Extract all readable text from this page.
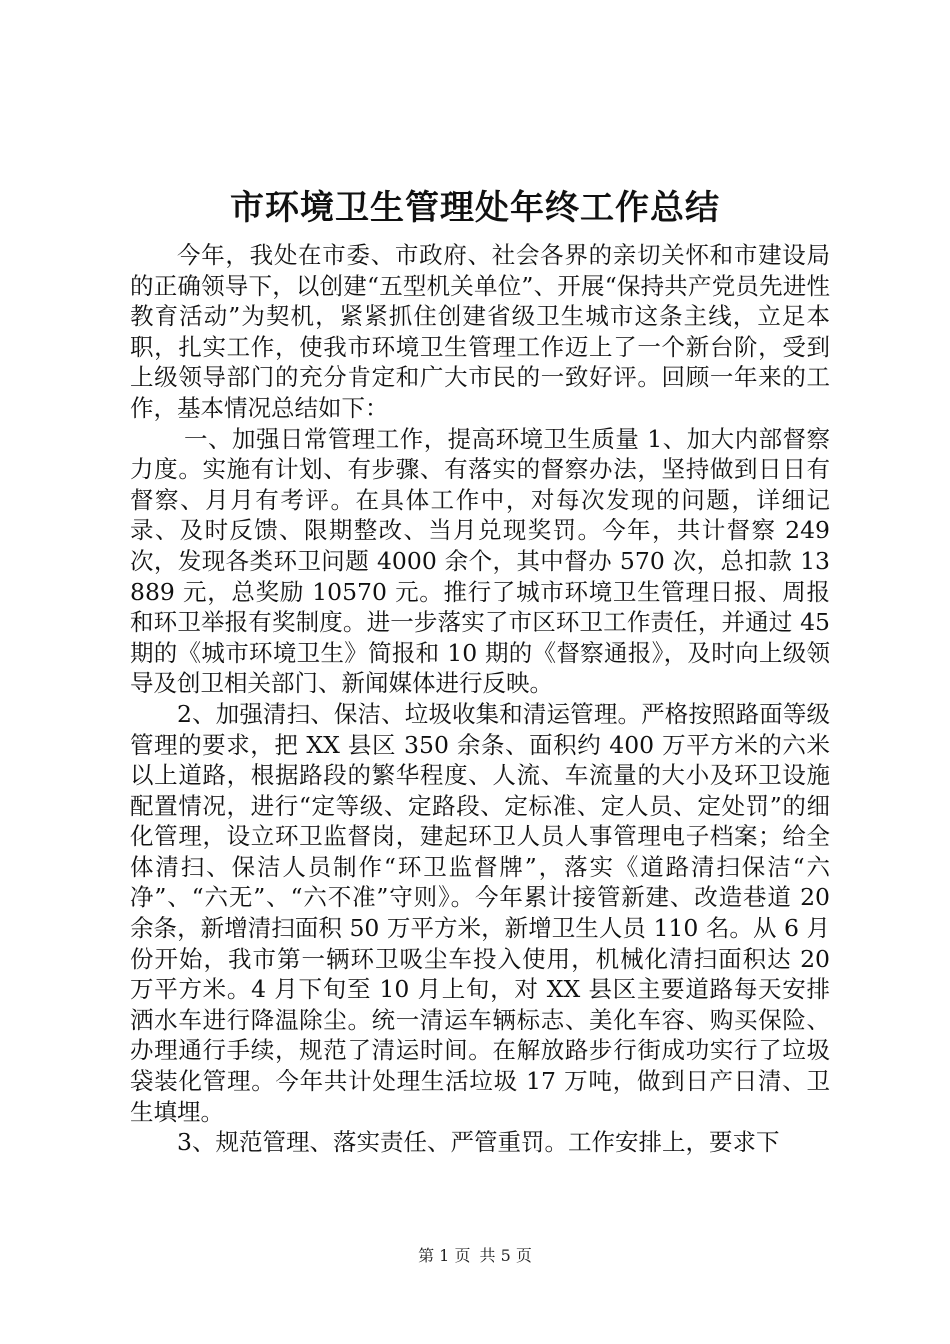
市环境卫生管理处年终工作总结

今年，我处在市委、市政府、社会各界的亲切关怀和市建设局的正确领导下，以创建“五型机关单位”、开展“保持共产党员先进性教育活动”为契机，紧紧抓住创建省级卫生城市这条主线，立足本职，扎实工作，使我市环境卫生管理工作迈上了一个新台阶，受到上级领导部门的充分肯定和广大市民的一致好评。回顾一年来的工作，基本情况总结如下：

一、加强日常管理工作，提高环境卫生质量 1、加大内部督察力度。实施有计划、有步骤、有落实的督察办法，坚持做到日日有督察、月月有考评。在具体工作中，对每次发现的问题，详细记录、及时反馈、限期整改、当月兑现奖罚。今年，共计督察 249 次，发现各类环卫问题 4000 余个，其中督办 570 次，总扣款 13889 元，总奖励 10570 元。推行了城市环境卫生管理日报、周报和环卫举报有奖制度。进一步落实了市区环卫工作责任，并通过 45 期的《城市环境卫生》简报和 10 期的《督察通报》，及时向上级领导及创卫相关部门、新闻媒体进行反映。

2、加强清扫、保洁、垃圾收集和清运管理。严格按照路面等级管理的要求，把 XX 县区 350 余条、面积约 400 万平方米的六米以上道路，根据路段的繁华程度、人流、车流量的大小及环卫设施配置情况，进行“定等级、定路段、定标准、定人员、定处罚”的细化管理，设立环卫监督岗，建起环卫人员人事管理电子档案；给全体清扫、保洁人员制作“环卫监督牌”，落实《道路清扫保洁“六净”、“六无”、“六不准”守则》。今年累计接管新建、改造巷道 20 余条，新增清扫面积 50 万平方米，新增卫生人员 110 名。从 6 月份开始，我市第一辆环卫吸尘车投入使用，机械化清扫面积达 20 万平方米。4 月下旬至 10 月上旬，对 XX 县区主要道路每天安排洒水车进行降温除尘。统一清运车辆标志、美化车容、购买保险、办理通行手续，规范了清运时间。在解放路步行街成功实行了垃圾袋装化管理。今年共计处理生活垃圾 17 万吨，做到日产日清、卫生填埋。

3、规范管理、落实责任、严管重罚。工作安排上，要求下

第 1 页 共 5 页
